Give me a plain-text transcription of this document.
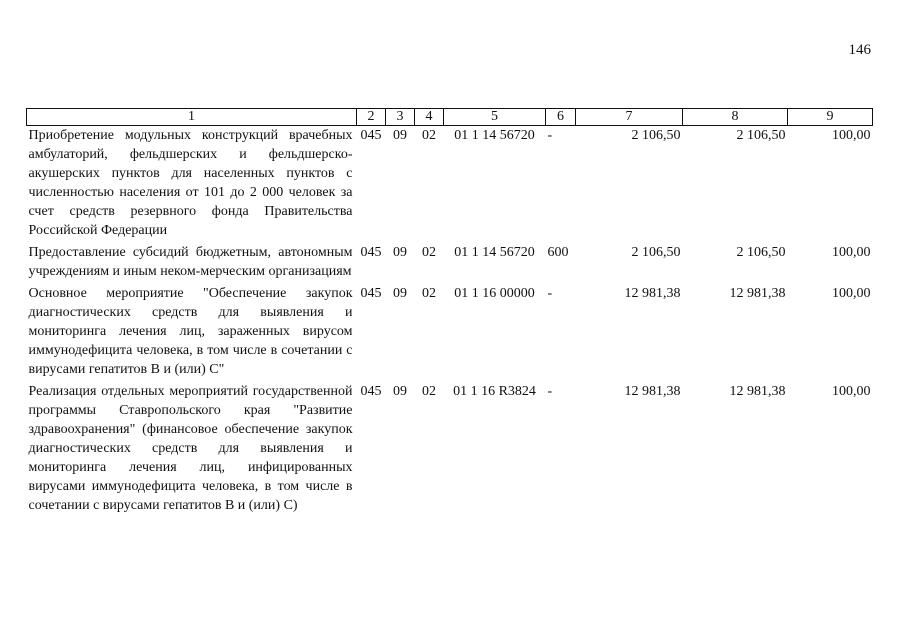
146
1	2	3	4	5	6	7	8	9
Приобретение модульных конструкций врачебных амбулаторий, фельдшерских и фельдшерско-акушерских пунктов для населенных пунктов с численностью населения от 101 до 2 000 человек за счет средств резервного фонда Правительства Российской Федерации	045	09	02	01 1 14 56720	-	2 106,50	2 106,50	100,00
Предоставление субсидий бюджетным, автономным учреждениям и иным неком-мерческим организациям	045	09	02	01 1 14 56720	600	2 106,50	2 106,50	100,00
Основное мероприятие "Обеспечение закупок диагностических средств для выявления и мониторинга лечения лиц, зараженных вирусом иммунодефицита человека, в том числе в сочетании с вирусами гепатитов В и (или) С"	045	09	02	01 1 16 00000	-	12 981,38	12 981,38	100,00
Реализация отдельных мероприятий государственной программы Ставропольского края "Развитие здравоохранения" (финансовое обеспечение закупок диагностических средств для выявления и мониторинга лечения лиц, инфицированных вирусами иммунодефицита человека, в том числе в сочетании с вирусами гепатитов В и (или) С)	045	09	02	01 1 16 R3824	-	12 981,38	12 981,38	100,00
